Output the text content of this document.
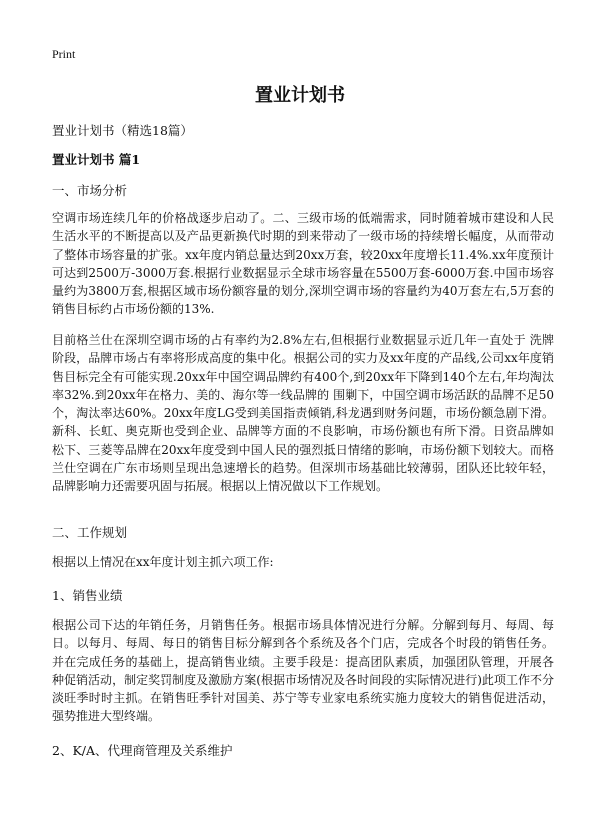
Print
置业计划书

置业计划书（精选18篇）

置业计划书 篇1

一、市场分析

空调市场连续几年的价格战逐步启动了。二、三级市场的低端需求，同时随着城市建设和人民生活水平的不断提高以及产品更新换代时期的到来带动了一级市场的持续增长幅度，从而带动了整体市场容量的扩张。xx年度内销总量达到20xx万套，较20xx年度增长11.4%.xx年度预计可达到2500万-3000万套.根据行业数据显示全球市场容量在5500万套-6000万套.中国市场容量约为3800万套,根据区域市场份额容量的划分,深圳空调市场的容量约为40万套左右,5万套的销售目标约占市场份额的13%.

目前格兰仕在深圳空调市场的占有率约为2.8%左右,但根据行业数据显示近几年一直处于 洗牌 阶段，品牌市场占有率将形成高度的集中化。根据公司的实力及xx年度的产品线,公司xx年度销售目标完全有可能实现.20xx年中国空调品牌约有400个,到20xx年下降到140个左右,年均淘汰率32%.到20xx年在格力、美的、海尔等一线品牌的 围剿下，中国空调市场活跃的品牌不足50个，淘汰率达60%。20xx年度LG受到美国指责倾销,科龙遇到财务问题，市场份额急剧下滑。新科、长虹、奥克斯也受到企业、品牌等方面的不良影响，市场份额也有所下滑。日资品牌如松下、三菱等品牌在20xx年度受到中国人民的强烈抵日情绪的影响，市场份额下划较大。而格兰仕空调在广东市场则呈现出急速增长的趋势。但深圳市场基础比较薄弱，团队还比较年轻，品牌影响力还需要巩固与拓展。根据以上情况做以下工作规划。

二、工作规划

根据以上情况在xx年度计划主抓六项工作:

1、销售业绩

根据公司下达的年销任务，月销售任务。根据市场具体情况进行分解。分解到每月、每周、每日。以每月、每周、每日的销售目标分解到各个系统及各个门店，完成各个时段的销售任务。并在完成任务的基础上，提高销售业绩。主要手段是：提高团队素质，加强团队管理，开展各种促销活动，制定奖罚制度及激励方案(根据市场情况及各时间段的实际情况进行)此项工作不分淡旺季时时主抓。在销售旺季针对国美、苏宁等专业家电系统实施力度较大的销售促进活动，强势推进大型终端。

2、K/A、代理商管理及关系维护
